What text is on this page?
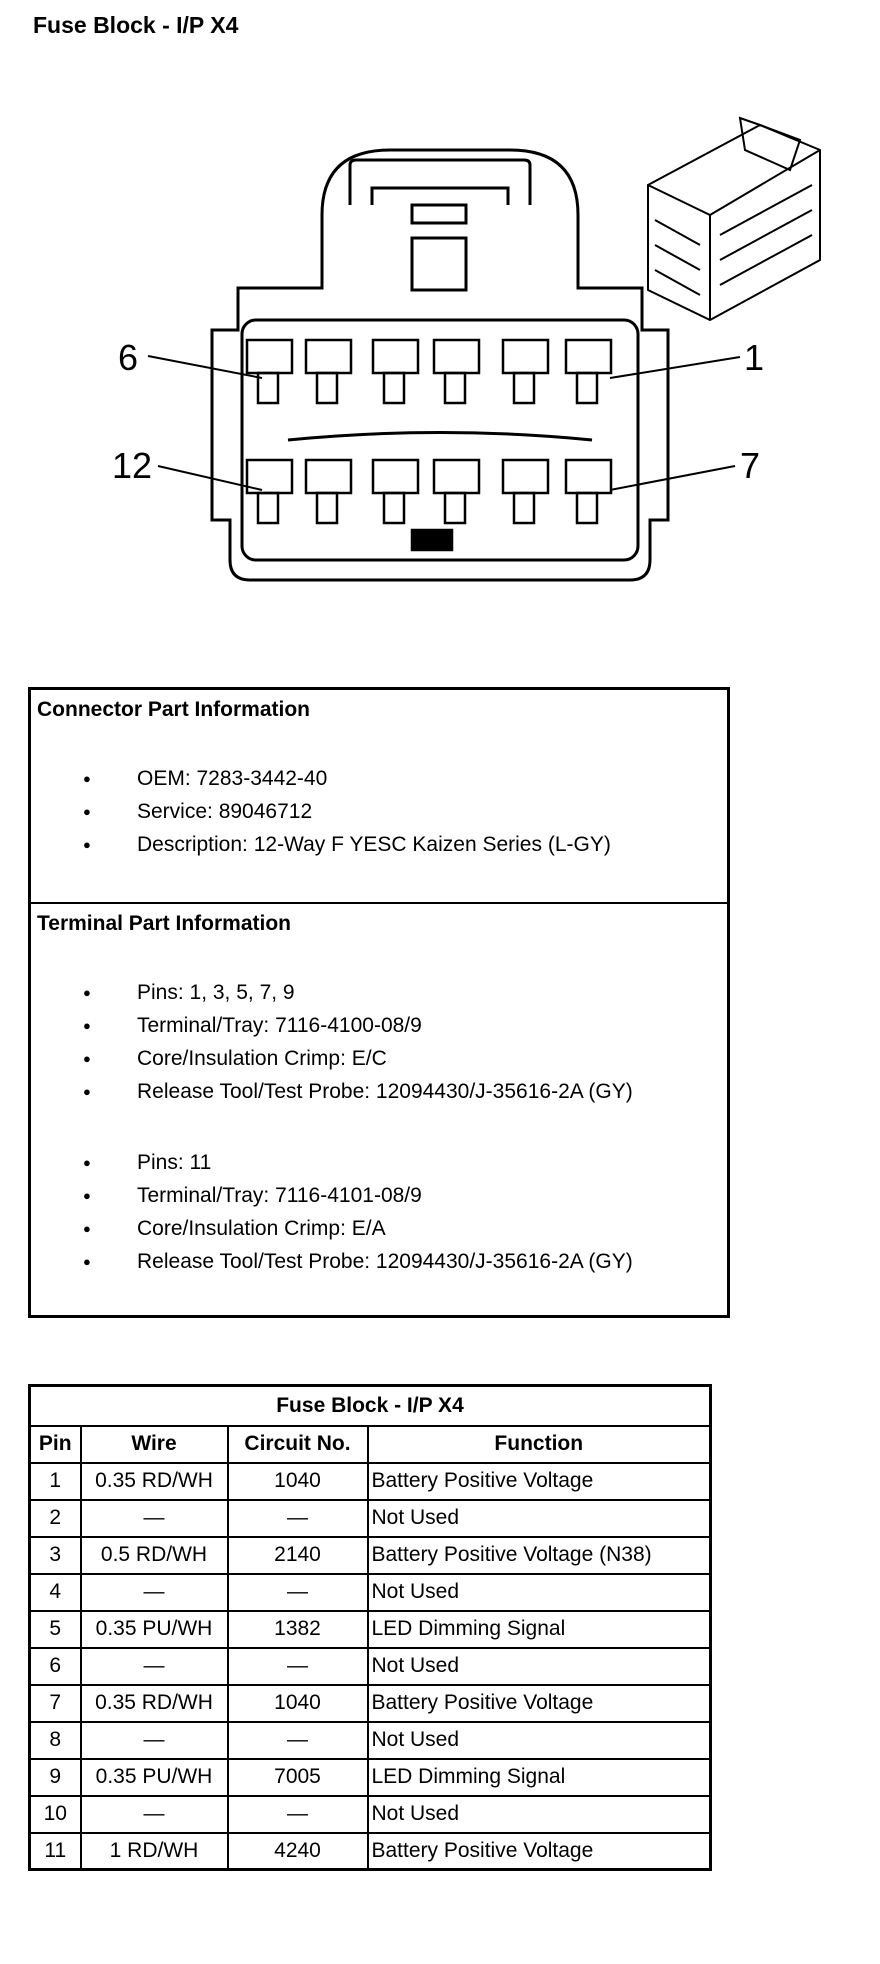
Fuse Block - I/P X4
6	1
12	7
Connector Part Information
● OEM: 7283-3442-40
● Service: 89046712
● Description: 12-Way F YESC Kaizen Series (L-GY)
Terminal Part Information
● Pins: 1, 3, 5, 7, 9
● Terminal/Tray: 7116-4100-08/9
● Core/Insulation Crimp: E/C
● Release Tool/Test Probe: 12094430/J-35616-2A (GY)
● Pins: 11
● Terminal/Tray: 7116-4101-08/9
● Core/Insulation Crimp: E/A
● Release Tool/Test Probe: 12094430/J-35616-2A (GY)
Fuse Block - I/P X4			
Pin	Wire	Circuit No.	Function
1	0.35 RD/WH	1040	Battery Positive Voltage
2	—	—	Not Used
3	0.5 RD/WH	2140	Battery Positive Voltage (N38)
4	—	—	Not Used
5	0.35 PU/WH	1382	LED Dimming Signal
6	—	—	Not Used
7	0.35 RD/WH	1040	Battery Positive Voltage
8	—	—	Not Used
9	0.35 PU/WH	7005	LED Dimming Signal
10	—	—	Not Used
11	1 RD/WH	4240	Battery Positive Voltage
